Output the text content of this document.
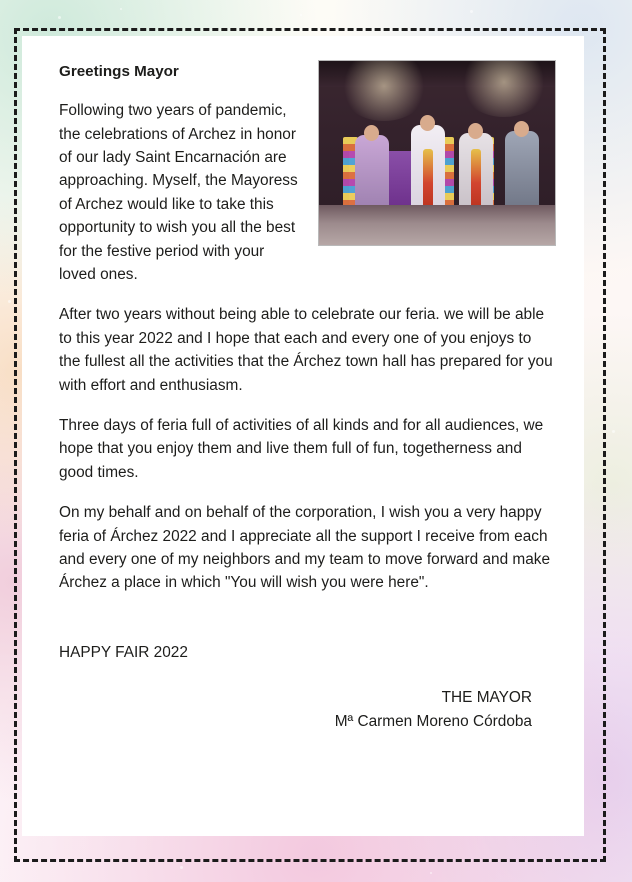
Greetings Mayor

Following two years of pandemic, the celebrations of Archez in honor of our lady Saint Encarnación are approaching. Myself, the Mayoress of Archez would like to take this opportunity to wish you all the best for the festive period with your loved ones.

After two years without being able to celebrate our feria. we will be able to this year 2022 and I hope that each and every one of you enjoys to the fullest all the activities that the Árchez town hall has prepared for you with effort and enthusiasm.

Three days of feria full of activities of all kinds and for all audiences, we hope that you enjoy them and live them full of fun, togetherness and good times.

On my behalf and on behalf of the corporation, I wish you a very happy feria of Árchez 2022 and I appreciate all the support I receive from each and every one of my neighbors and my team to move forward and make Árchez a place in which "You will wish you were here".

HAPPY FAIR 2022

THE MAYOR
Mª Carmen Moreno Córdoba
